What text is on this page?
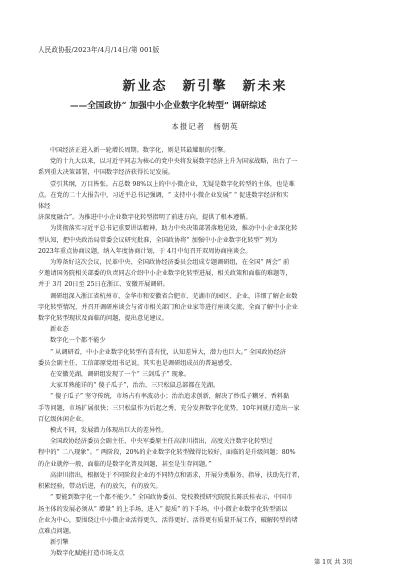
人民政协报/2023年/4月/14日/第 001版
新业态　新引擎　新未来
——全国政协“ 加强中小企业数字化转型” 调研综述
本报记者　杨朝英

中国经济正进入新一轮增长周期。数字化，则是其最耀眼的引擎。

党的十九大以来，以习近平同志为核心的党中央将发展数字经济上升为国家战略，出台了一

系列重大决策部署，中国数字经济获得长足发展。

壹引其纲，万目皆张。占总数 98%以上的中小微企业，无疑是数字化转型的主体，也是难

点。在党的二十大报告中，习近平总书记强调，“ 支持中小微企业发展” “ 促进数字经济和实

体经

济深度融合”。为推进中小企业数字化转型指明了前进方向，提供了根本遵循。

为贯彻落实习近平总书记重要讲话精神，助力中央决策部署落地见效，推动中小企业深化转

型认知，把中央政治局常委会议研究批准，全国政协将“ 加强中小企业数字化转型” 列为

2023年重点协商议题，纳入年度协商计划，于 4月中旬召开双周协商座谈会。

为筹备好这次会议，民革中央、全国政协经济委员会组成专题调研组，在全国“ 两会” 前

夕邀请国务院相关部委的负责同志介绍中小企业数字化转型进展、相关政策和面临的难题等，

并于 3月 20日至 25日在浙江、安徽开展调研。

调研组深入浙江省杭州市、金华市和安徽省合肥市、芜湖市的园区、企业，详细了解企业数

字化转型情况，并召开调研座谈会与省市相关部门和企业家等进行座谈交流，全面了解中小企业

数字化转型现状及面临的问题，提出意见建议。

新业态

数字化一个都不能少

“ 从调研看，中小企业数字化转型有喜有忧，认知差异大，潜力也巨大。” 全国政协经济

委员会副主任、工信部原党组书记说，其实也是调研组成员的普遍感受。

在安徽芜湖，调研组发现了一个“ 三剑瓜子” 现象。

大家耳熟能详的“ 傻子瓜子”，治治、三只松鼠总部都在芜湖。

“ 傻子瓜子” 坚守传统，市场占有率波动小；治治追求创新，解决了炒瓜子糊牙、香料黏

手等问题，市场扩展很快；三只松鼠作为后起之秀，充分发挥数字化优势，10年间就打造出一家

百亿级休闲企业。

模式不同，发展潜力体现出巨大的差异性。

全国政协经济委员会副主任、中央军委原主任高津川指出，高度关注数字化转型过

程中的“ 二八现象”。“ 两阶段，20%的企业数字化转型做得比较好，面临的是升级问题；80%

的企业就停一般，面临的是数字化普及问题，甚至是生存问题。”

高津川指出，根据处于不同阶段企业的不同特点和需求，开展分类服务、指导，扶助先行者，

积累经验，带动后进，有的放矢，有的放矢。

“ 要能到数字化一个都不能少。” 全国政协委员、党校教授研究院院长陈氏桂表示，中国市

场主体的发展必须从“ 增量” 的上手场，进入“ 提质” 的下手场。中小微企业数字化转型需以

企业为中心，要围绕让中小微企业活得更久、活得更好、活得更有质量开展工作，破解转型的堵

点难点问题。

新引擎

为数字化赋能打造市场支点

第 1页 共 3页
